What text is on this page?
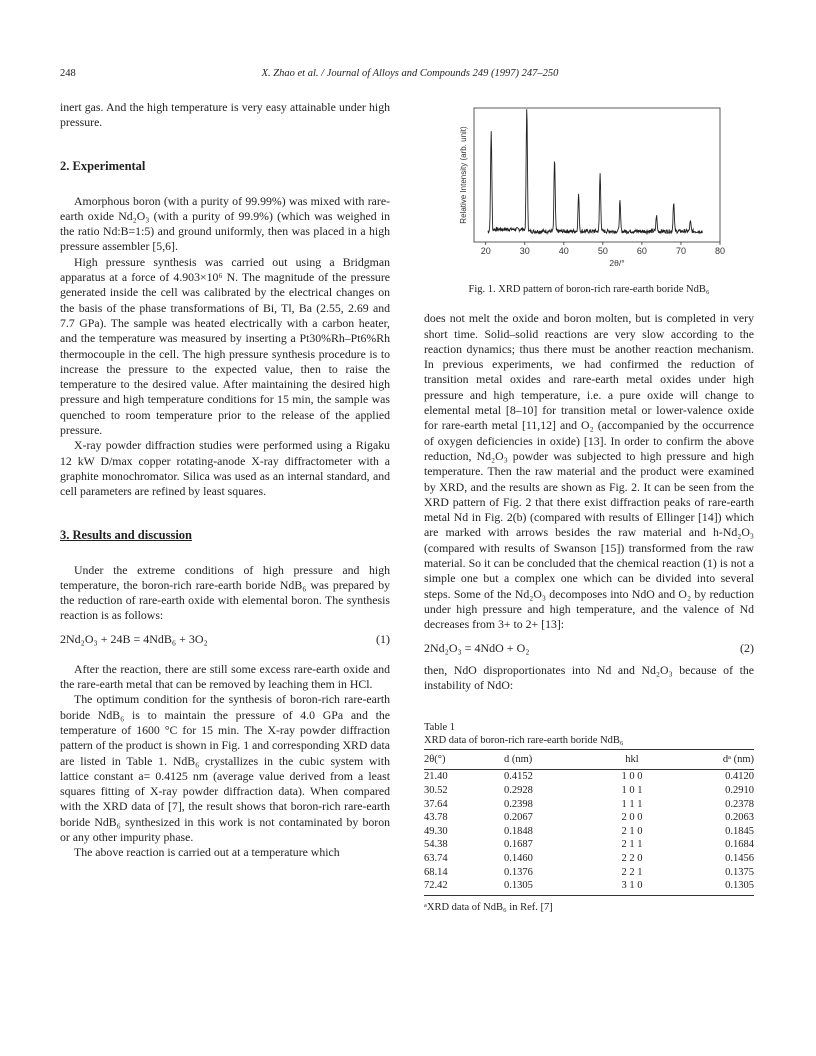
248	X. Zhao et al. / Journal of Alloys and Compounds 249 (1997) 247–250

inert gas. And the high temperature is very easy attainable under high pressure.

2. Experimental

Amorphous boron (with a purity of 99.99%) was mixed with rare-earth oxide Nd₂O₃ (with a purity of 99.9%) (which was weighed in the ratio Nd:B=1:5) and ground uniformly, then was placed in a high pressure assembler [5,6].

High pressure synthesis was carried out using a Bridgman apparatus at a force of 4.903×10⁶ N. The magnitude of the pressure generated inside the cell was calibrated by the electrical changes on the basis of the phase transformations of Bi, Tl, Ba (2.55, 2.69 and 7.7 GPa). The sample was heated electrically with a carbon heater, and the temperature was measured by inserting a Pt30%Rh–Pt6%Rh thermocouple in the cell. The high pressure synthesis procedure is to increase the pressure to the expected value, then to raise the temperature to the desired value. After maintaining the desired high pressure and high temperature conditions for 15 min, the sample was quenched to room temperature prior to the release of the applied pressure.

X-ray powder diffraction studies were performed using a Rigaku 12 kW D/max copper rotating-anode X-ray diffractometer with a graphite monochromator. Silica was used as an internal standard, and cell parameters are refined by least squares.

3. Results and discussion

Under the extreme conditions of high pressure and high temperature, the boron-rich rare-earth boride NdB₆ was prepared by the reduction of rare-earth oxide with elemental boron. The synthesis reaction is as follows:

2Nd₂O₃ + 24B = 4NdB₆ + 3O₂	(1)

After the reaction, there are still some excess rare-earth oxide and the rare-earth metal that can be removed by leaching them in HCl.

The optimum condition for the synthesis of boron-rich rare-earth boride NdB₆ is to maintain the pressure of 4.0 GPa and the temperature of 1600 °C for 15 min. The X-ray powder diffraction pattern of the product is shown in Fig. 1 and corresponding XRD data are listed in Table 1. NdB₆ crystallizes in the cubic system with lattice constant a= 0.4125 nm (average value derived from a least squares fitting of X-ray powder diffraction data). When compared with the XRD data of [7], the result shows that boron-rich rare-earth boride NdB₆ synthesized in this work is not contaminated by boron or any other impurity phase.

The above reaction is carried out at a temperature which

20	30	40	50	60	70	80
2θ/°
Relative Intensity (arb. unit)
Fig. 1. XRD pattern of boron-rich rare-earth boride NdB₆

does not melt the oxide and boron molten, but is completed in very short time. Solid–solid reactions are very slow according to the reaction dynamics; thus there must be another reaction mechanism. In previous experiments, we had confirmed the reduction of transition metal oxides and rare-earth metal oxides under high pressure and high temperature, i.e. a pure oxide will change to elemental metal [8–10] for transition metal or lower-valence oxide for rare-earth metal [11,12] and O₂ (accompanied by the occurrence of oxygen deficiencies in oxide) [13]. In order to confirm the above reduction, Nd₂O₃ powder was subjected to high pressure and high temperature. Then the raw material and the product were examined by XRD, and the results are shown as Fig. 2. It can be seen from the XRD pattern of Fig. 2 that there exist diffraction peaks of rare-earth metal Nd in Fig. 2(b) (compared with results of Ellinger [14]) which are marked with arrows besides the raw material and h-Nd₂O₃ (compared with results of Swanson [15]) transformed from the raw material. So it can be concluded that the chemical reaction (1) is not a simple one but a complex one which can be divided into several steps. Some of the Nd₂O₃ decomposes into NdO and O₂ by reduction under high pressure and high temperature, and the valence of Nd decreases from 3+ to 2+ [13]:

2Nd₂O₃ = 4NdO + O₂	(2)

then, NdO disproportionates into Nd and Nd₂O₃ because of the instability of NdO:

Table 1
XRD data of boron-rich rare-earth boride NdB₆
2θ(°)	d (nm)	hkl	dᵃ (nm)
21.40	0.4152	1 0 0	0.4120
30.52	0.2928	1 0 1	0.2910
37.64	0.2398	1 1 1	0.2378
43.78	0.2067	2 0 0	0.2063
49.30	0.1848	2 1 0	0.1845
54.38	0.1687	2 1 1	0.1684
63.74	0.1460	2 2 0	0.1456
68.14	0.1376	2 2 1	0.1375
72.42	0.1305	3 1 0	0.1305
ᵃXRD data of NdB₆ in Ref. [7]
